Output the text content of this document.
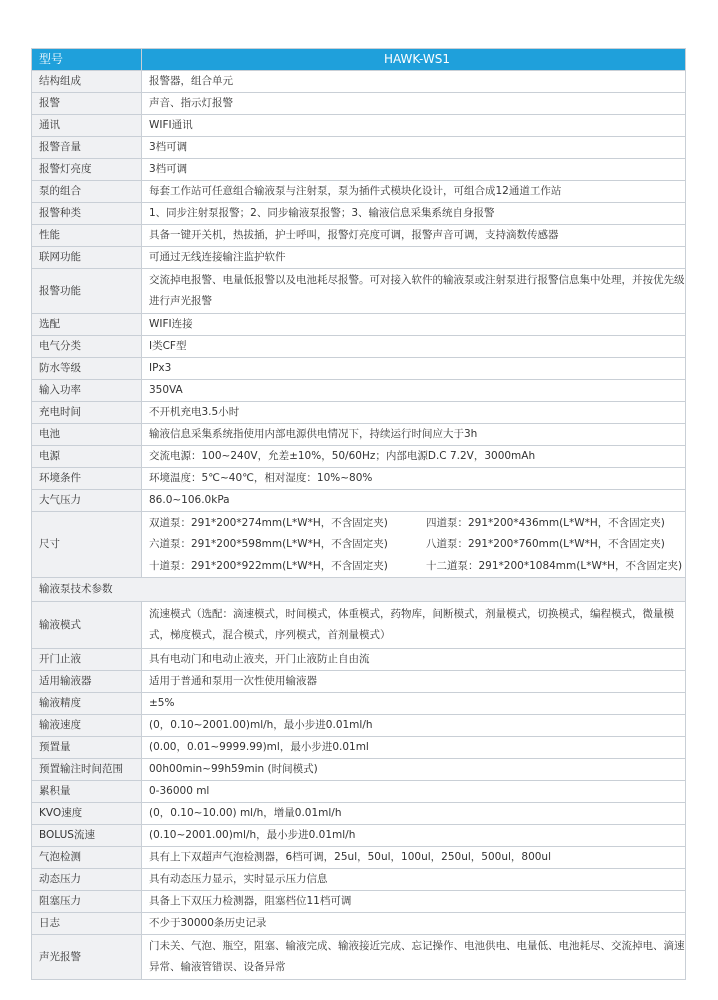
型号	HAWK-WS1
结构组成	报警器，组合单元
报警	声音、指示灯报警
通讯	WIFI通讯
报警音量	3档可调
报警灯亮度	3档可调
泵的组合	每套工作站可任意组合输液泵与注射泵，泵为插件式模块化设计，可组合成12通道工作站
报警种类	1、同步注射泵报警；2、同步输液泵报警；3、输液信息采集系统自身报警
性能	具备一键开关机，热拔插，护士呼叫，报警灯亮度可调，报警声音可调，支持滴数传感器
联网功能	可通过无线连接输注监护软件
报警功能	交流掉电报警、电量低报警以及电池耗尽报警。可对接入软件的输液泵或注射泵进行报警信息集中处理，并按优先级进行声光报警
选配	WIFI连接
电气分类	I类CF型
防水等级	IPx3
输入功率	350VA
充电时间	不开机充电3.5小时
电池	输液信息采集系统指使用内部电源供电情况下，持续运行时间应大于3h
电源	交流电源：100~240V，允差±10%，50/60Hz；内部电源D.C 7.2V，3000mAh
环境条件	环境温度：5℃~40℃，相对湿度：10%~80%
大气压力	86.0~106.0kPa
尺寸	双道泵：291*200*274mm(L*W*H，不含固定夹) 四道泵：291*200*436mm(L*W*H，不含固定夹)

	六道泵：291*200*598mm(L*W*H，不含固定夹) 八道泵：291*200*760mm(L*W*H，不含固定夹)

	十道泵：291*200*922mm(L*W*H，不含固定夹) 十二道泵：291*200*1084mm(L*W*H，不含固定夹)

输液泵技术参数	
输液模式	流速模式（选配：滴速模式，时间模式，体重模式，药物库，间断模式，剂量模式，切换模式，编程模式，微量模式，梯度模式，混合模式，序列模式，首剂量模式）
开门止液	具有电动门和电动止液夹，开门止液防止自由流
适用输液器	适用于普通和泵用一次性使用输液器
输液精度	±5%
输液速度	(0，0.10~2001.00)ml/h，最小步进0.01ml/h
预置量	(0.00，0.01~9999.99)ml，最小步进0.01ml
预置输注时间范围	00h00min~99h59min (时间模式)
累积量	0-36000 ml
KVO速度	(0，0.10~10.00) ml/h，增量0.01ml/h
BOLUS流速	(0.10~2001.00)ml/h，最小步进0.01ml/h
气泡检测	具有上下双超声气泡检测器，6档可调，25ul，50ul，100ul，250ul，500ul，800ul
动态压力	具有动态压力显示，实时显示压力信息
阻塞压力	具备上下双压力检测器，阻塞档位11档可调
日志	不少于30000条历史记录
声光报警	门未关、气泡、瓶空，阻塞、输液完成、输液接近完成、忘记操作、电池供电、电量低、电池耗尽、交流掉电、滴速异常、输液管错误、设备异常
